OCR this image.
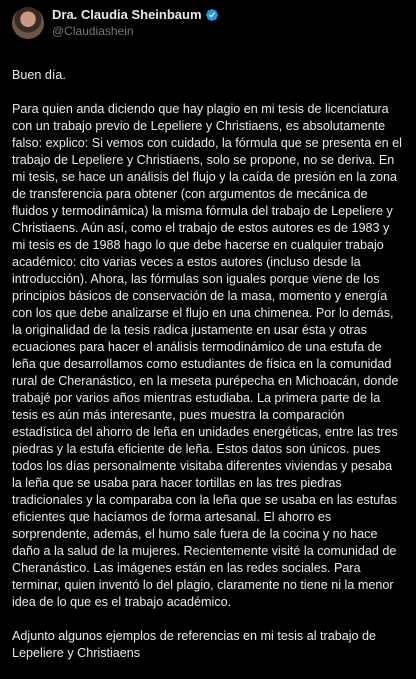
Dra. Claudia Sheinbaum
@Claudiashein

Buen día.

Para quien anda diciendo que hay plagio en mi tesis de licenciatura con un trabajo previo de Lepeliere y Christiaens, es absolutamente falso: explico: Si vemos con cuidado, la fórmula que se presenta en el trabajo de Lepeliere y Christiaens, solo se propone, no se deriva. En mi tesis, se hace un análisis del flujo y la caída de presión en la zona de transferencia para obtener (con argumentos de mecánica de fluidos y termodinámica) la misma fórmula del trabajo de Lepeliere y Christiaens. Aún así, como el trabajo de estos autores es de 1983 y mi tesis es de 1988 hago lo que debe hacerse en cualquier trabajo académico: cito varias veces a estos autores (incluso desde la introducción). Ahora, las fórmulas son iguales porque viene de los principios básicos de conservación de la masa, momento y energía con los que debe analizarse el flujo en una chimenea. Por lo demás, la originalidad de la tesis radica justamente en usar ésta y otras ecuaciones para hacer el análisis termodinámico de una estufa de leña que desarrollamos como estudiantes de física en la comunidad rural de Cheranástico, en la meseta purépecha en Michoacán, donde trabajé por varios años mientras estudiaba. La primera parte de la tesis es aún más interesante, pues muestra la comparación estadística del ahorro de leña en unidades energéticas, entre las tres piedras y la estufa eficiente de leña. Estos datos son únicos. pues todos los días personalmente visitaba diferentes viviendas y pesaba la leña que se usaba para hacer tortillas en las tres piedras tradicionales y la comparaba con la leña que se usaba en las estufas eficientes que hacíamos de forma artesanal. El ahorro es sorprendente, además, el humo sale fuera de la cocina y no hace daño a la salud de la mujeres. Recientemente visité la comunidad de Cheranástico. Las imágenes están en las redes sociales. Para terminar, quien inventó lo del plagio, claramente no tiene ni la menor idea de lo que es el trabajo académico.

Adjunto algunos ejemplos de referencias en mi tesis al trabajo de Lepeliere y Christiaens
